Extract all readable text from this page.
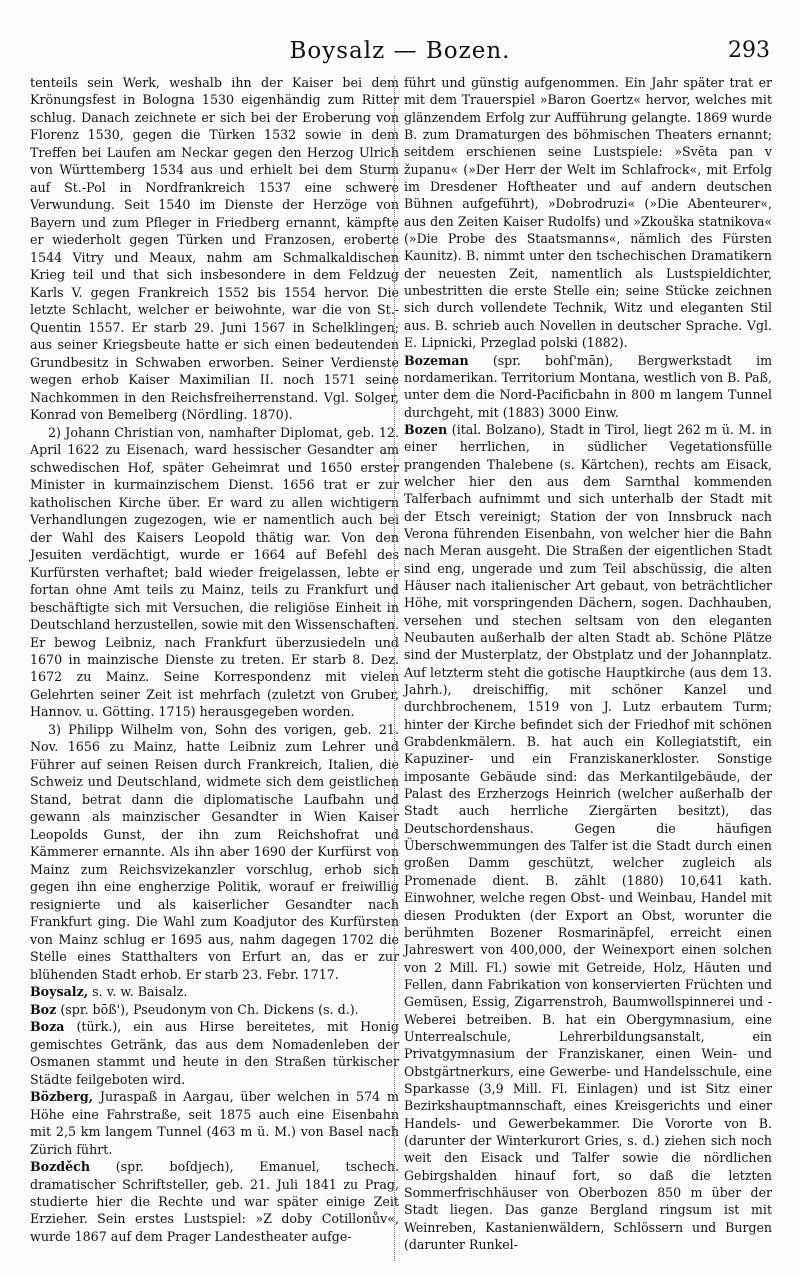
Boysalz — Bozen.	293

tenteils sein Werk, weshalb ihn der Kaiser bei dem Krönungsfest in Bologna 1530 eigenhändig zum Ritter schlug. Danach zeichnete er sich bei der Eroberung von Florenz 1530, gegen die Türken 1532 sowie in dem Treffen bei Laufen am Neckar gegen den Herzog Ulrich von Württemberg 1534 aus und erhielt bei dem Sturm auf St.-Pol in Nordfrankreich 1537 eine schwere Verwundung. Seit 1540 im Dienste der Herzöge von Bayern und zum Pfleger in Friedberg ernannt, kämpfte er wiederholt gegen Türken und Franzosen, eroberte 1544 Vitry und Meaux, nahm am Schmalkaldischen Krieg teil und that sich insbesondere in dem Feldzug Karls V. gegen Frankreich 1552 bis 1554 hervor. Die letzte Schlacht, welcher er beiwohnte, war die von St.-Quentin 1557. Er starb 29. Juni 1567 in Schelklingen; aus seiner Kriegsbeute hatte er sich einen bedeutenden Grundbesitz in Schwaben erworben. Seiner Verdienste wegen erhob Kaiser Maximilian II. noch 1571 seine Nachkommen in den Reichsfreiherrenstand. Vgl. Solger, Konrad von Bemelberg (Nördling. 1870).

2) Johann Christian von, namhafter Diplomat, geb. 12. April 1622 zu Eisenach, ward hessischer Gesandter am schwedischen Hof, später Geheimrat und 1650 erster Minister in kurmainzischem Dienst. 1656 trat er zur katholischen Kirche über. Er ward zu allen wichtigern Verhandlungen zugezogen, wie er namentlich auch bei der Wahl des Kaisers Leopold thätig war. Von den Jesuiten verdächtigt, wurde er 1664 auf Befehl des Kurfürsten verhaftet; bald wieder freigelassen, lebte er fortan ohne Amt teils zu Mainz, teils zu Frankfurt und beschäftigte sich mit Versuchen, die religiöse Einheit in Deutschland herzustellen, sowie mit den Wissenschaften. Er bewog Leibniz, nach Frankfurt überzusiedeln und 1670 in mainzische Dienste zu treten. Er starb 8. Dez. 1672 zu Mainz. Seine Korrespondenz mit vielen Gelehrten seiner Zeit ist mehrfach (zuletzt von Gruber, Hannov. u. Götting. 1715) herausgegeben worden.

3) Philipp Wilhelm von, Sohn des vorigen, geb. 21. Nov. 1656 zu Mainz, hatte Leibniz zum Lehrer und Führer auf seinen Reisen durch Frankreich, Italien, die Schweiz und Deutschland, widmete sich dem geistlichen Stand, betrat dann die diplomatische Laufbahn und gewann als mainzischer Gesandter in Wien Kaiser Leopolds Gunst, der ihn zum Reichshofrat und Kämmerer ernannte. Als ihn aber 1690 der Kurfürst von Mainz zum Reichsvizekanzler vorschlug, erhob sich gegen ihn eine engherzige Politik, worauf er freiwillig resignierte und als kaiserlicher Gesandter nach Frankfurt ging. Die Wahl zum Koadjutor des Kurfürsten von Mainz schlug er 1695 aus, nahm dagegen 1702 die Stelle eines Statthalters von Erfurt an, das er zur blühenden Stadt erhob. Er starb 23. Febr. 1717.

Boysalz, s. v. w. Baisalz.

Boz (spr. bōß'), Pseudonym von Ch. Dickens (s. d.).

Boza (türk.), ein aus Hirse bereitetes, mit Honig gemischtes Getränk, das aus dem Nomadenleben der Osmanen stammt und heute in den Straßen türkischer Städte feilgeboten wird.

Bözberg, Juraspaß in Aargau, über welchen in 574 m Höhe eine Fahrstraße, seit 1875 auch eine Eisenbahn mit 2,5 km langem Tunnel (463 m ü. M.) von Basel nach Zürich führt.

Bozděch (spr. boſdjech), Emanuel, tschech. dramatischer Schriftsteller, geb. 21. Juli 1841 zu Prag, studierte hier die Rechte und war später einige Zeit Erzieher. Sein erstes Lustspiel: »Z doby Cotillonův«, wurde 1867 auf dem Prager Landestheater aufge-

führt und günstig aufgenommen. Ein Jahr später trat er mit dem Trauerspiel »Baron Goertz« hervor, welches mit glänzendem Erfolg zur Aufführung gelangte. 1869 wurde B. zum Dramaturgen des böhmischen Theaters ernannt; seitdem erschienen seine Lustspiele: »Svĕta pan v županu« (»Der Herr der Welt im Schlafrock«, mit Erfolg im Dresdener Hoftheater und auf andern deutschen Bühnen aufgeführt), »Dobrodruzi« (»Die Abenteurer«, aus den Zeiten Kaiser Rudolfs) und »Zkouška statnikova« (»Die Probe des Staatsmanns«, nämlich des Fürsten Kaunitz). B. nimmt unter den tschechischen Dramatikern der neuesten Zeit, namentlich als Lustspieldichter, unbestritten die erste Stelle ein; seine Stücke zeichnen sich durch vollendete Technik, Witz und eleganten Stil aus. B. schrieb auch Novellen in deutscher Sprache. Vgl. E. Lipnicki, Przeglad polski (1882).

Bozeman (spr. bohſ'mān), Bergwerkstadt im nordamerikan. Territorium Montana, westlich von B. Paß, unter dem die Nord-Pacificbahn in 800 m langem Tunnel durchgeht, mit (1883) 3000 Einw.

Bozen (ital. Bolzano), Stadt in Tirol, liegt 262 m ü. M. in einer herrlichen, in südlicher Vegetationsfülle prangenden Thalebene (s. Kärtchen), rechts am Eisack, welcher hier den aus dem Sarnthal kommenden Talferbach aufnimmt und sich unterhalb der Stadt mit der Etsch vereinigt; Station der von Innsbruck nach Verona führenden Eisenbahn, von welcher hier die Bahn nach Meran ausgeht. Die Straßen der eigentlichen Stadt sind eng, ungerade und zum Teil abschüssig, die alten Häuser nach italienischer Art gebaut, von beträchtlicher Höhe, mit vorspringenden Dächern, sogen. Dachhauben, versehen und stechen seltsam von den eleganten Neubauten außerhalb der alten Stadt ab. Schöne Plätze sind der Musterplatz, der Obstplatz und der Johannplatz. Auf letzterm steht die gotische Hauptkirche (aus dem 13. Jahrh.), dreischiffig, mit schöner Kanzel und durchbrochenem, 1519 von J. Lutz erbautem Turm; hinter der Kirche befindet sich der Friedhof mit schönen Grabdenkmälern. B. hat auch ein Kollegiatstift, ein Kapuziner- und ein Franziskanerkloster. Sonstige imposante Gebäude sind: das Merkantilgebäude, der Palast des Erzherzogs Heinrich (welcher außerhalb der Stadt auch herrliche Ziergärten besitzt), das Deutschordenshaus. Gegen die häufigen Überschwemmungen des Talfer ist die Stadt durch einen großen Damm geschützt, welcher zugleich als Promenade dient. B. zählt (1880) 10,641 kath. Einwohner, welche regen Obst- und Weinbau, Handel mit diesen Produkten (der Export an Obst, worunter die berühmten Bozener Rosmarinäpfel, erreicht einen Jahreswert von 400,000, der Weinexport einen solchen von 2 Mill. Fl.) sowie mit Getreide, Holz, Häuten und Fellen, dann Fabrikation von konservierten Früchten und Gemüsen, Essig, Zigarrenstroh, Baumwollspinnerei und -Weberei betreiben. B. hat ein Obergymnasium, eine Unterrealschule, Lehrerbildungsanstalt, ein Privatgymnasium der Franziskaner, einen Wein- und Obstgärtnerkurs, eine Gewerbe- und Handelsschule, eine Sparkasse (3,9 Mill. Fl. Einlagen) und ist Sitz einer Bezirkshauptmannschaft, eines Kreisgerichts und einer Handels- und Gewerbekammer. Die Vororte von B. (darunter der Winterkurort Gries, s. d.) ziehen sich noch weit den Eisack und Talfer sowie die nördlichen Gebirgshalden hinauf fort, so daß die letzten Sommerfrischhäuser von Oberbozen 850 m über der Stadt liegen. Das ganze Bergland ringsum ist mit Weinreben, Kastanienwäldern, Schlössern und Burgen (darunter Runkel-
